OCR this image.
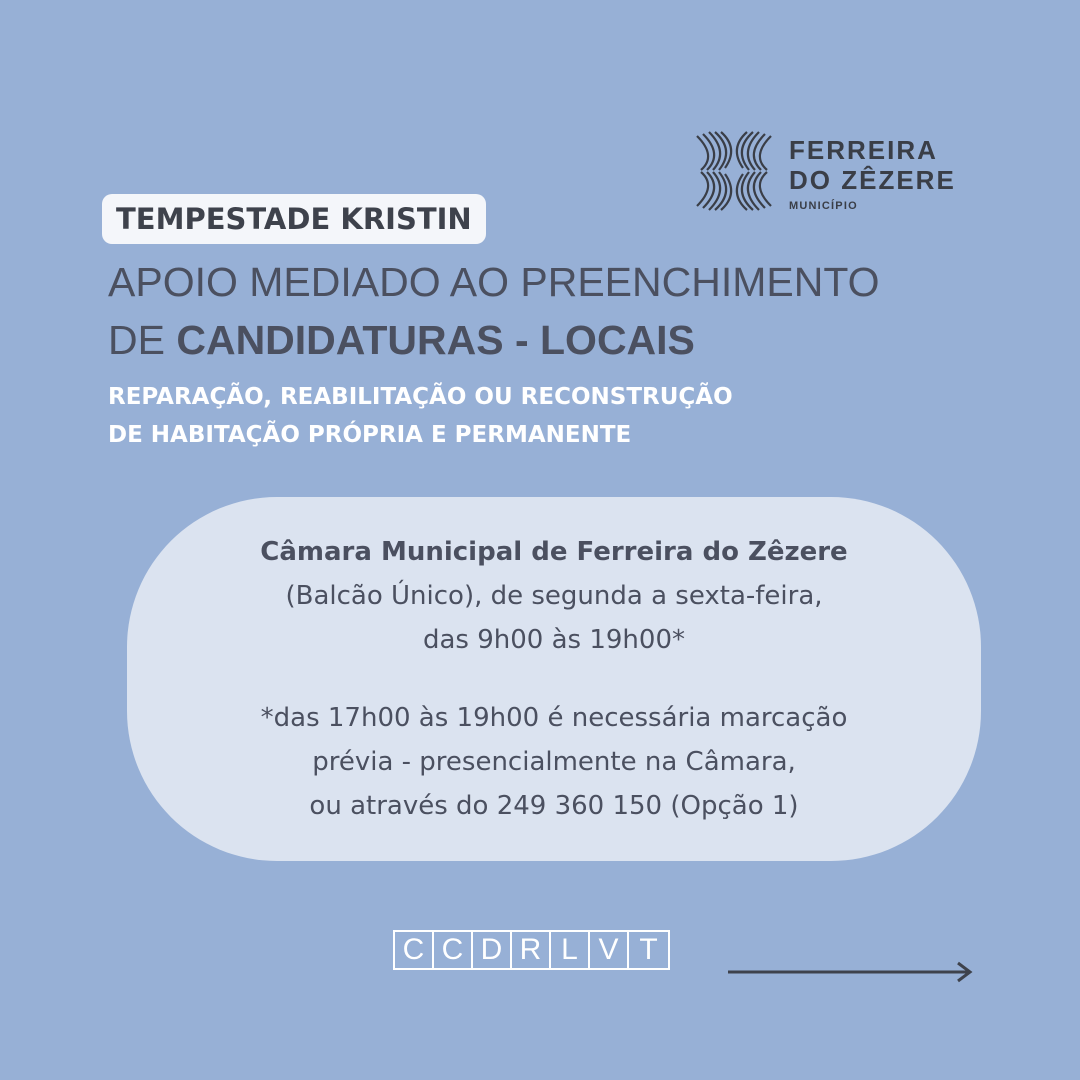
FERREIRA
DO ZÊZERE
MUNICÍPIO
TEMPESTADE KRISTIN
APOIO MEDIADO AO PREENCHIMENTO
DE CANDIDATURAS - LOCAIS
REPARAÇÃO, REABILITAÇÃO OU RECONSTRUÇÃO
DE HABITAÇÃO PRÓPRIA E PERMANENTE
Câmara Municipal de Ferreira do Zêzere
(Balcão Único), de segunda a sexta-feira,
das 9h00 às 19h00*
*das 17h00 às 19h00 é necessária marcação
prévia - presencialmente na Câmara,
ou através do 249 360 150 (Opção 1)
C C D R L V T
